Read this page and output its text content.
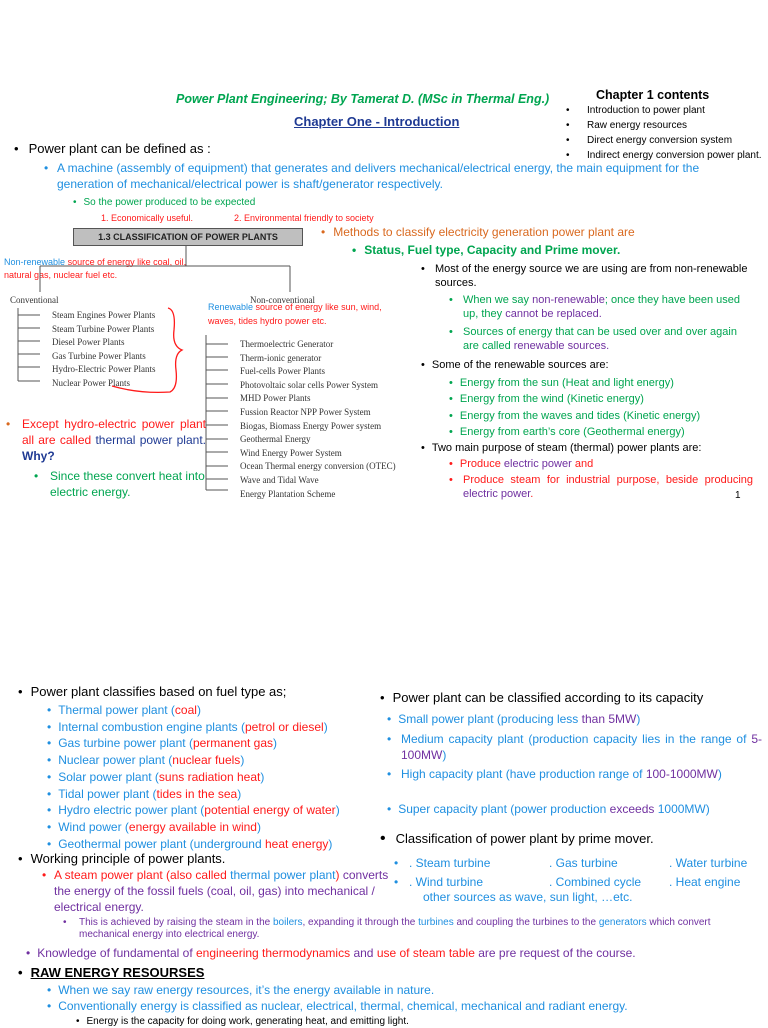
Power Plant Engineering; By Tamerat D. (MSc in Thermal Eng.)
Chapter One - Introduction
Chapter 1 contents
• Introduction to power plant
• Raw energy resources
• Direct energy conversion system
• Indirect energy conversion power plant.
• Power plant can be defined as :
• A machine (assembly of equipment) that generates and delivers mechanical/electrical energy, the main equipment for the generation of mechanical/electrical power is shaft/generator respectively.
• So the power produced to be expected
1. Economically useful.	2. Environmental friendly to society
1.3 CLASSIFICATION OF POWER PLANTS	• Methods to classify electricity generation power plant are
• Status, Fuel type, Capacity and Prime mover.
Non-renewable source of energy like coal, oil,
natural gas, nuclear fuel etc.
Conventional	Non-conventional
Renewable source of energy like sun, wind,
waves, tides hydro power etc.
Steam Engines Power Plants
Steam Turbine Power Plants
Diesel Power Plants
Gas Turbine Power Plants
Hydro-Electric Power Plants
Nuclear Power Plants
Thermoelectric Generator
Therm-ionic generator
Fuel-cells Power Plants
Photovoltaic solar cells Power System
MHD Power Plants
Fussion Reactor NPP Power System
Biogas, Biomass Energy Power system
Geothermal Energy
Wind Energy Power System
Ocean Thermal energy conversion (OTEC)
Wave and Tidal Wave
Energy Plantation Scheme
• Except hydro-electric power plant all are called thermal power plant. Why?
• Since these convert heat into electric energy.
• Most of the energy source we are using are from non-renewable sources.
• When we say non-renewable; once they have been used up, they cannot be replaced.
• Sources of energy that can be used over and over again are called renewable sources.
• Some of the renewable sources are:
• Energy from the sun (Heat and light energy)
• Energy from the wind (Kinetic energy)
• Energy from the waves and tides (Kinetic energy)
• Energy from earth’s core (Geothermal energy)
• Two main purpose of steam (thermal) power plants are:
• Produce electric power and
• Produce steam for industrial purpose, beside producing electric power.	1
• Power plant classifies based on fuel type as;
• Thermal power plant (coal)
• Internal combustion engine plants (petrol or diesel)
• Gas turbine power plant (permanent gas)
• Nuclear power plant (nuclear fuels)
• Solar power plant (suns radiation heat)
• Tidal power plant (tides in the sea)
• Hydro electric power plant (potential energy of water)
• Wind power (energy available in wind)
• Geothermal power plant (underground heat energy)
• Power plant can be classified according to its capacity
• Small power plant (producing less than 5MW)
• Medium capacity plant (production capacity lies in the range of 5- 100MW)
• High capacity plant (have production range of 100-1000MW)
• Super capacity plant (power production exceeds 1000MW)
• Classification of power plant by prime mover.
• . Steam turbine	. Gas turbine	. Water turbine
• . Wind turbine	. Combined cycle . Heat engine
other sources as wave, sun light, …etc.
• Working principle of power plants.
• A steam power plant (also called thermal power plant) converts the energy of the fossil fuels (coal, oil, gas) into mechanical / electrical energy.
•	This is achieved by raising the steam in the boilers, expanding it through the turbines and coupling the turbines to the generators which convert mechanical energy into electrical energy.
• Knowledge of fundamental of engineering thermodynamics and use of steam table are pre request of the course.
• RAW ENERGY RESOURSES
• When we say raw energy resources, it’s the energy available in nature.
• Conventionally energy is classified as nuclear, electrical, thermal, chemical, mechanical and radiant energy.
• Energy is the capacity for doing work, generating heat, and emitting light.
